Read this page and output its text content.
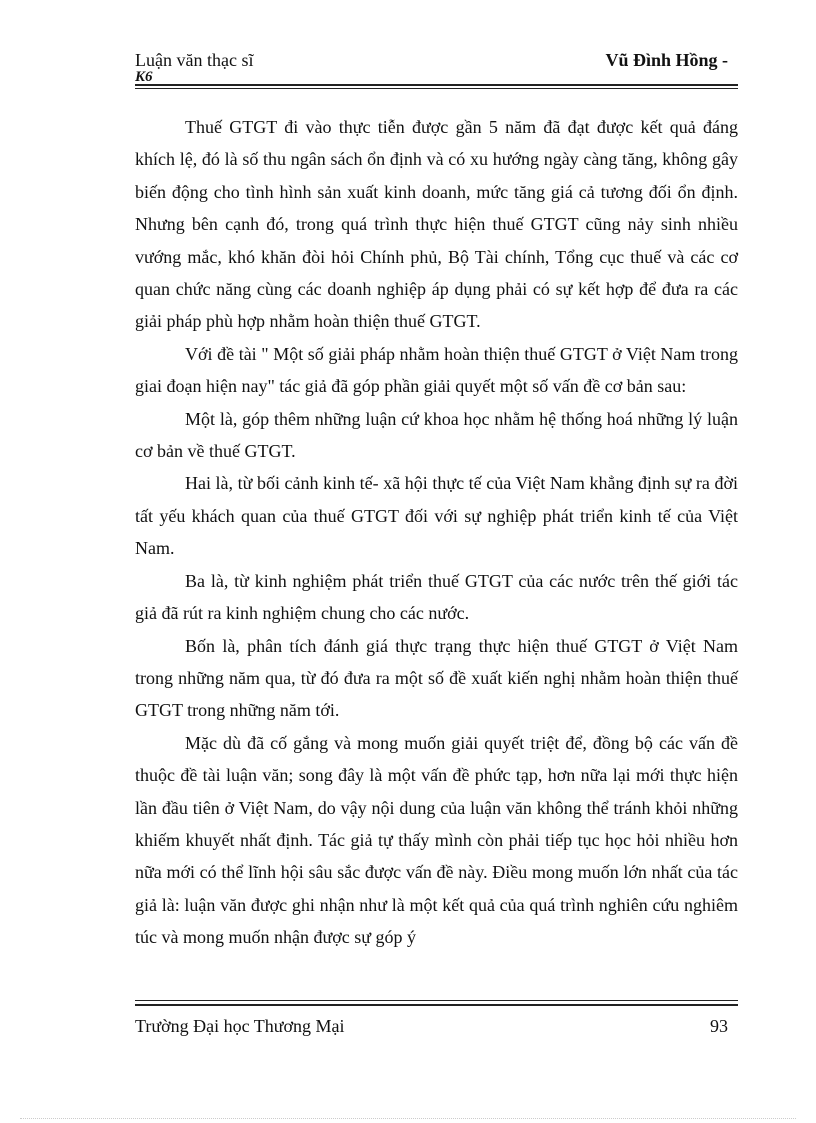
Luận văn thạc sĩ
K6
Vũ Đình Hồng -

Thuế GTGT đi vào thực tiễn được gần 5 năm đã đạt được kết quả đáng khích lệ, đó là số thu ngân sách ổn định và có xu hướng ngày càng tăng, không gây biến động cho tình hình sản xuất kinh doanh, mức tăng giá cả tương đối ổn định. Nhưng bên cạnh đó, trong quá trình thực hiện thuế GTGT cũng nảy sinh nhiều vướng mắc, khó khăn đòi hỏi Chính phủ, Bộ Tài chính, Tổng cục thuế và các cơ quan chức năng cùng các doanh nghiệp áp dụng phải có sự kết hợp để đưa ra các giải pháp phù hợp nhằm hoàn thiện thuế GTGT.

Với đề tài " Một số giải pháp nhằm hoàn thiện thuế GTGT ở Việt Nam trong giai đoạn hiện nay" tác giả đã góp phần giải quyết một số vấn đề cơ bản sau:

Một là, góp thêm những luận cứ khoa học nhằm hệ thống hoá những lý luận cơ bản về thuế GTGT.

Hai là, từ bối cảnh kinh tế- xã hội thực tế của Việt Nam khẳng định sự ra đời tất yếu khách quan của thuế GTGT đối với sự nghiệp phát triển kinh tế của Việt Nam.

Ba là, từ kinh nghiệm phát triển thuế GTGT của các nước trên thế giới tác giả đã rút ra kinh nghiệm chung cho các nước.

Bốn là, phân tích đánh giá thực trạng thực hiện thuế GTGT ở Việt Nam trong những năm qua, từ đó đưa ra một số đề xuất kiến nghị nhằm hoàn thiện thuế GTGT trong những năm tới.

Mặc dù đã cố gắng và mong muốn giải quyết triệt để, đồng bộ các vấn đề thuộc đề tài luận văn; song đây là một vấn đề phức tạp, hơn nữa lại mới thực hiện lần đầu tiên ở Việt Nam, do vậy nội dung của luận văn không thể tránh khỏi những khiếm khuyết nhất định. Tác giả tự thấy mình còn phải tiếp tục học hỏi nhiều hơn nữa mới có thể lĩnh hội sâu sắc được vấn đề này. Điều mong muốn lớn nhất của tác giả là: luận văn được ghi nhận như là một kết quả của quá trình nghiên cứu nghiêm túc và mong muốn nhận được sự góp ý

Trường Đại học Thương Mại	93
